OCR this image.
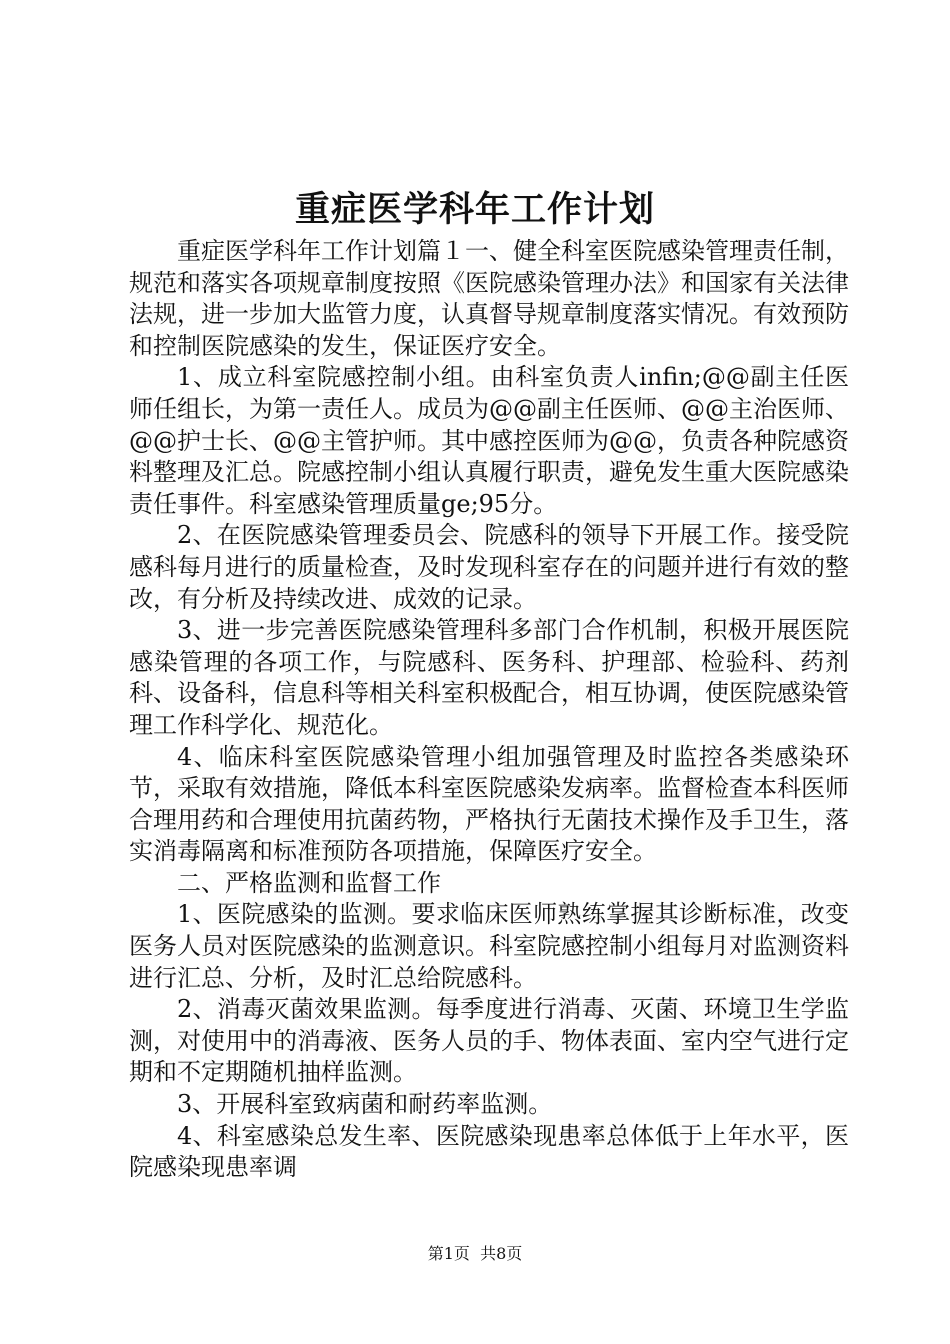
重症医学科年工作计划

重症医学科年工作计划篇１一、健全科室医院感染管理责任制，规范和落实各项规章制度按照《医院感染管理办法》和国家有关法律法规，进一步加大监管力度，认真督导规章制度落实情况。有效预防和控制医院感染的发生，保证医疗安全。

1、成立科室院感控制小组。由科室负责人infin;@@副主任医师任组长，为第一责任人。成员为@@副主任医师、@@主治医师、@@护士长、@@主管护师。其中感控医师为@@，负责各种院感资料整理及汇总。院感控制小组认真履行职责，避免发生重大医院感染责任事件。科室感染管理质量ge;95分。

2、在医院感染管理委员会、院感科的领导下开展工作。接受院感科每月进行的质量检查，及时发现科室存在的问题并进行有效的整改，有分析及持续改进、成效的记录。

3、进一步完善医院感染管理科多部门合作机制，积极开展医院感染管理的各项工作，与院感科、医务科、护理部、检验科、药剂科、设备科，信息科等相关科室积极配合，相互协调，使医院感染管理工作科学化、规范化。

4、临床科室医院感染管理小组加强管理及时监控各类感染环节，采取有效措施，降低本科室医院感染发病率。监督检查本科医师合理用药和合理使用抗菌药物，严格执行无菌技术操作及手卫生，落实消毒隔离和标准预防各项措施，保障医疗安全。

二、严格监测和监督工作

1、医院感染的监测。要求临床医师熟练掌握其诊断标准，改变医务人员对医院感染的监测意识。科室院感控制小组每月对监测资料进行汇总、分析，及时汇总给院感科。

2、消毒灭菌效果监测。每季度进行消毒、灭菌、环境卫生学监测，对使用中的消毒液、医务人员的手、物体表面、室内空气进行定期和不定期随机抽样监测。

3、开展科室致病菌和耐药率监测。

4、科室感染总发生率、医院感染现患率总体低于上年水平，医院感染现患率调

第1页 共8页
